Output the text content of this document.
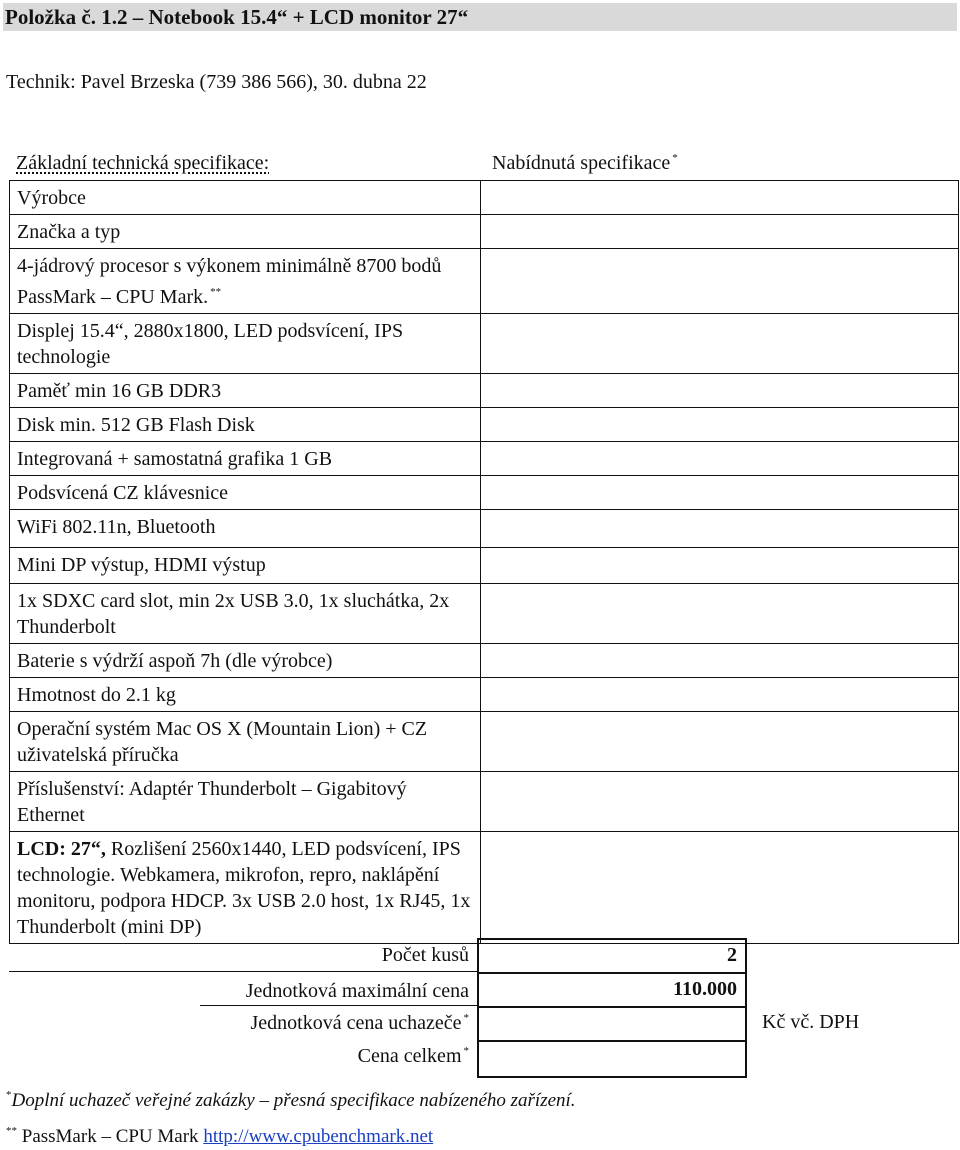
Položka č. 1.2 – Notebook 15.4“ + LCD monitor 27“
Technik: Pavel Brzeska (739 386 566), 30. dubna 22
Základní technická specifikace:	Nabídnutá specifikace *
Výrobce
Značka a typ
4-jádrový procesor s výkonem minimálně 8700 bodů PassMark – CPU Mark. **
Displej 15.4“, 2880x1800, LED podsvícení, IPS technologie
Paměť min 16 GB DDR3
Disk min. 512 GB Flash Disk
Integrovaná + samostatná grafika 1 GB
Podsvícená CZ klávesnice
WiFi 802.11n, Bluetooth
Mini DP výstup, HDMI výstup
1x SDXC card slot, min 2x USB 3.0, 1x sluchátka, 2x Thunderbolt
Baterie s výdrží aspoň 7h (dle výrobce)
Hmotnost do 2.1 kg
Operační systém Mac OS X (Mountain Lion) + CZ uživatelská příručka
Příslušenství: Adaptér Thunderbolt – Gigabitový Ethernet
LCD: 27“, Rozlišení 2560x1440, LED podsvícení, IPS technologie. Webkamera, mikrofon, repro, naklápění monitoru, podpora HDCP. 3x USB 2.0 host, 1x RJ45, 1x Thunderbolt (mini DP)
Počet kusů
Jednotková maximální cena
Jednotková cena uchazeče *
Cena celkem *
2
110.000
Kč vč. DPH
*Doplní uchazeč veřejné zakázky – přesná specifikace nabízeného zařízení.
** PassMark – CPU Mark http://www.cpubenchmark.net
